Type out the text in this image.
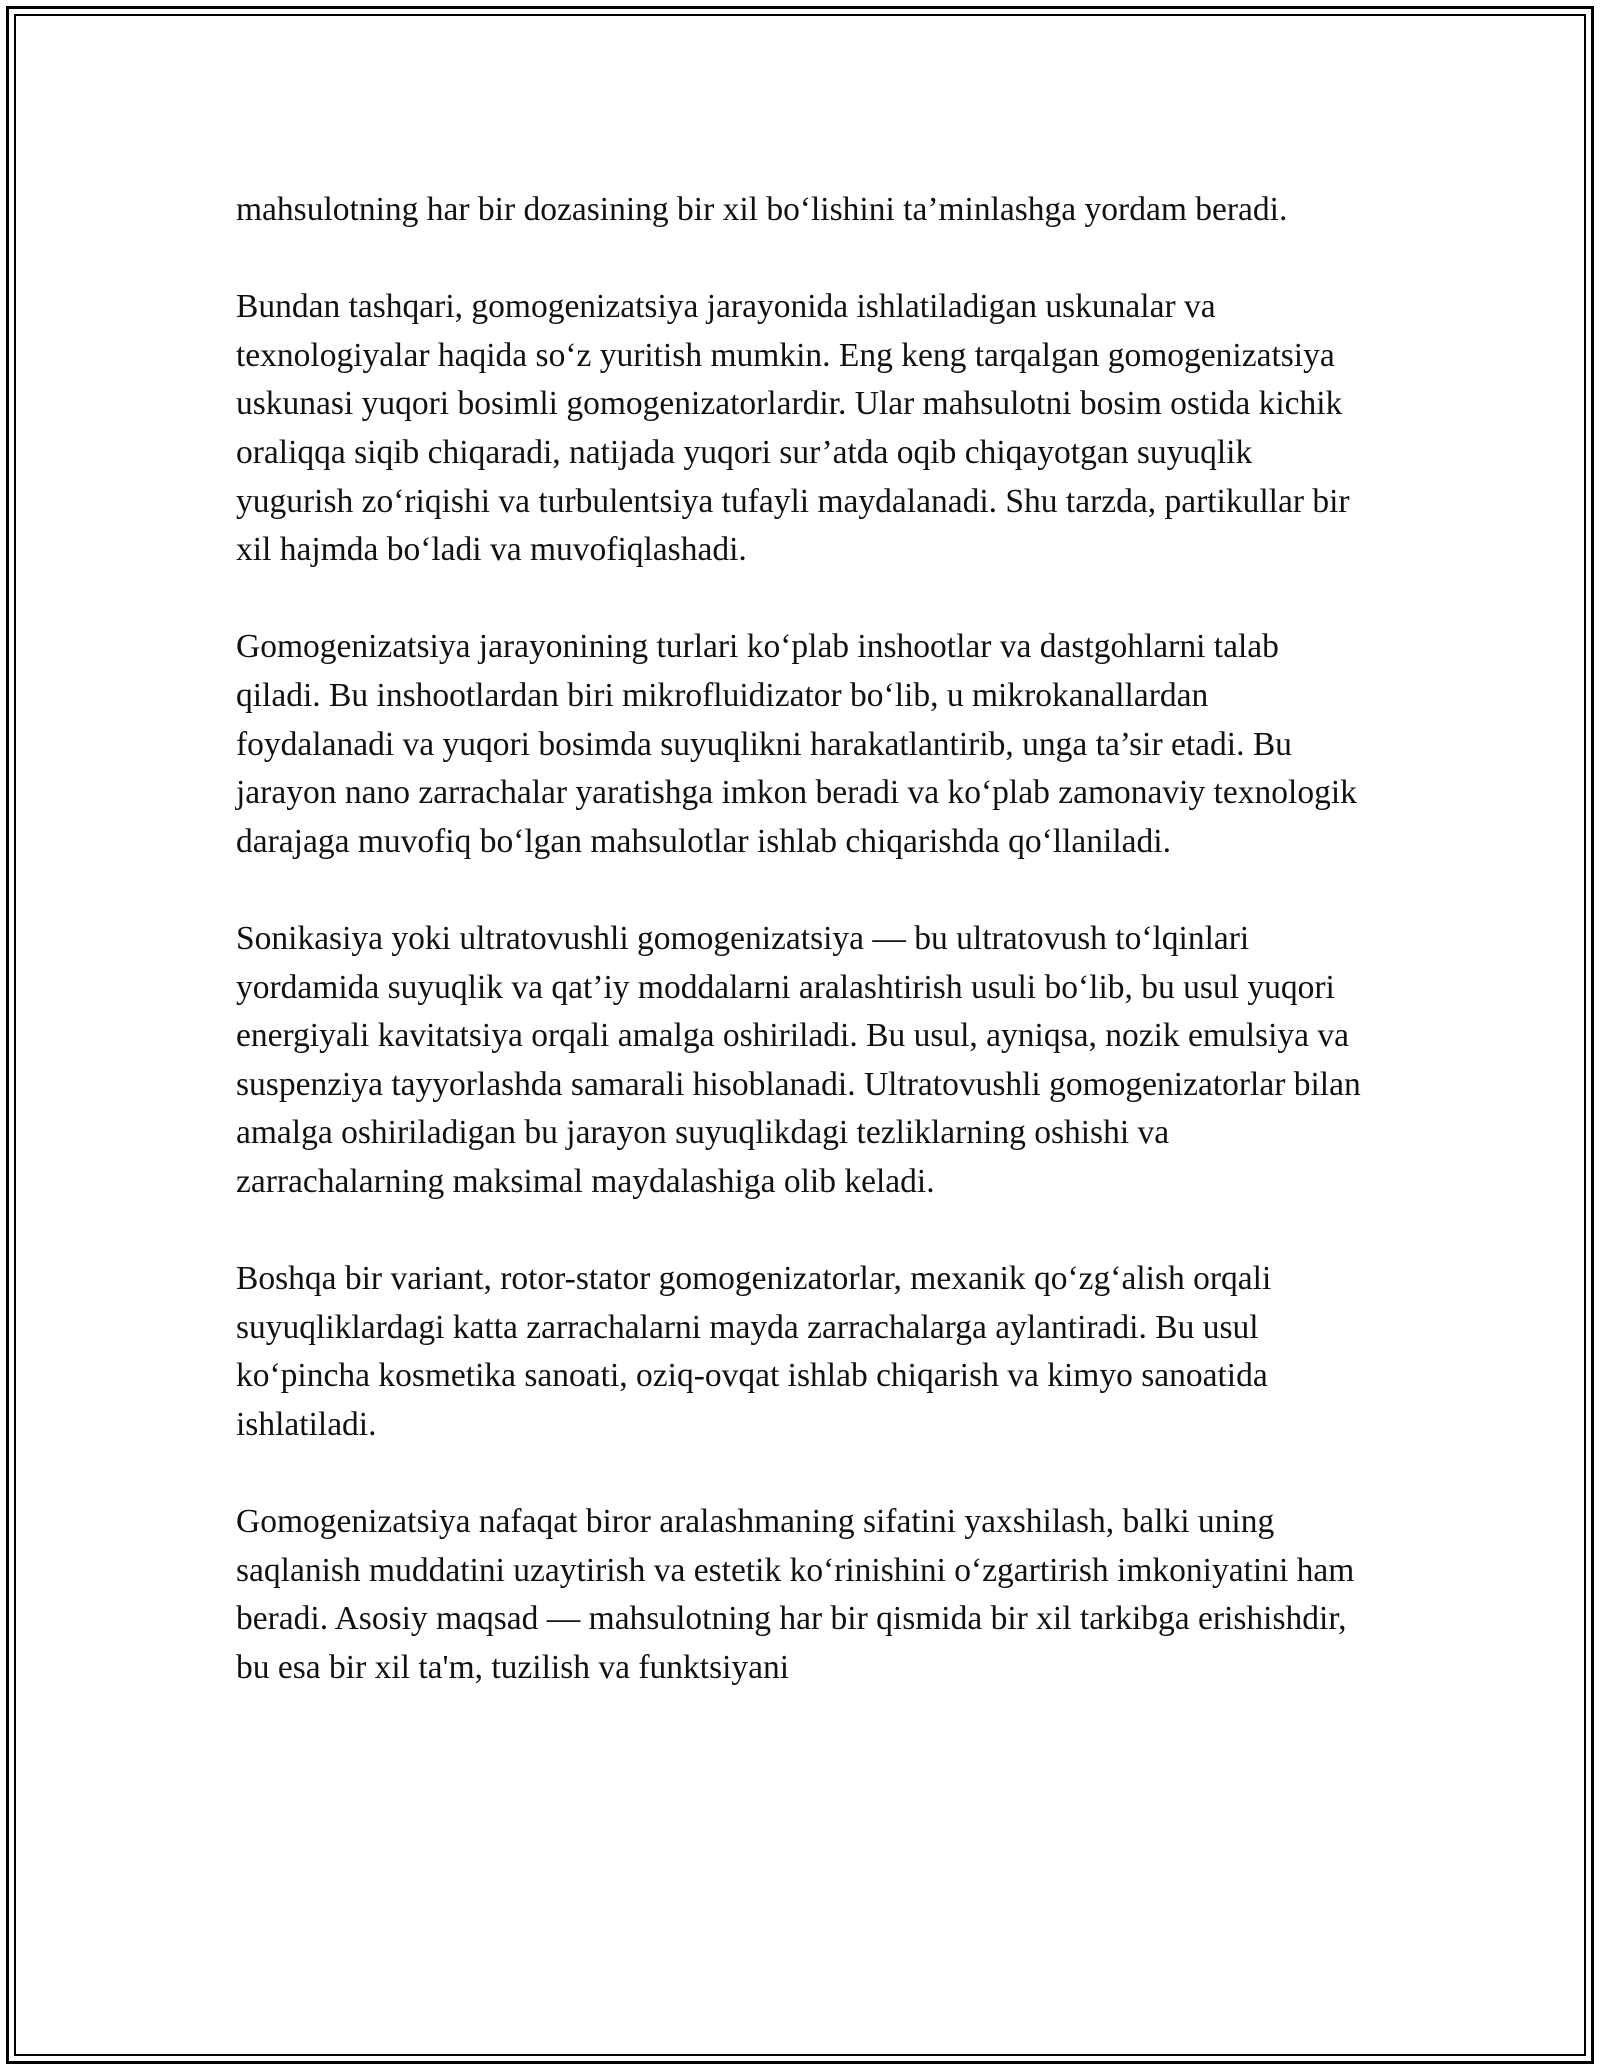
mahsulotning har bir dozasining bir xil bo‘lishini ta’minlashga yordam beradi.

Bundan tashqari, gomogenizatsiya jarayonida ishlatiladigan uskunalar va texnologiyalar haqida so‘z yuritish mumkin. Eng keng tarqalgan gomogenizatsiya uskunasi yuqori bosimli gomogenizatorlardir. Ular mahsulotni bosim ostida kichik oraliqqa siqib chiqaradi, natijada yuqori sur’atda oqib chiqayotgan suyuqlik yugurish zo‘riqishi va turbulentsiya tufayli maydalanadi. Shu tarzda, partikullar bir xil hajmda bo‘ladi va muvofiqlashadi.

Gomogenizatsiya jarayonining turlari ko‘plab inshootlar va dastgohlarni talab qiladi. Bu inshootlardan biri mikrofluidizator bo‘lib, u mikrokanallardan foydalanadi va yuqori bosimda suyuqlikni harakatlantirib, unga ta’sir etadi. Bu jarayon nano zarrachalar yaratishga imkon beradi va ko‘plab zamonaviy texnologik darajaga muvofiq bo‘lgan mahsulotlar ishlab chiqarishda qo‘llaniladi.

Sonikasiya yoki ultratovushli gomogenizatsiya — bu ultratovush to‘lqinlari yordamida suyuqlik va qat’iy moddalarni aralashtirish usuli bo‘lib, bu usul yuqori energiyali kavitatsiya orqali amalga oshiriladi. Bu usul, ayniqsa, nozik emulsiya va suspenziya tayyorlashda samarali hisoblanadi. Ultratovushli gomogenizatorlar bilan amalga oshiriladigan bu jarayon suyuqlikdagi tezliklarning oshishi va zarrachalarning maksimal maydalashiga olib keladi.

Boshqa bir variant, rotor-stator gomogenizatorlar, mexanik qo‘zg‘alish orqali suyuqliklardagi katta zarrachalarni mayda zarrachalarga aylantiradi. Bu usul ko‘pincha kosmetika sanoati, oziq-ovqat ishlab chiqarish va kimyo sanoatida ishlatiladi.

Gomogenizatsiya nafaqat biror aralashmaning sifatini yaxshilash, balki uning saqlanish muddatini uzaytirish va estetik ko‘rinishini o‘zgartirish imkoniyatini ham beradi. Asosiy maqsad — mahsulotning har bir qismida bir xil tarkibga erishishdir, bu esa bir xil ta'm, tuzilish va funktsiyani
